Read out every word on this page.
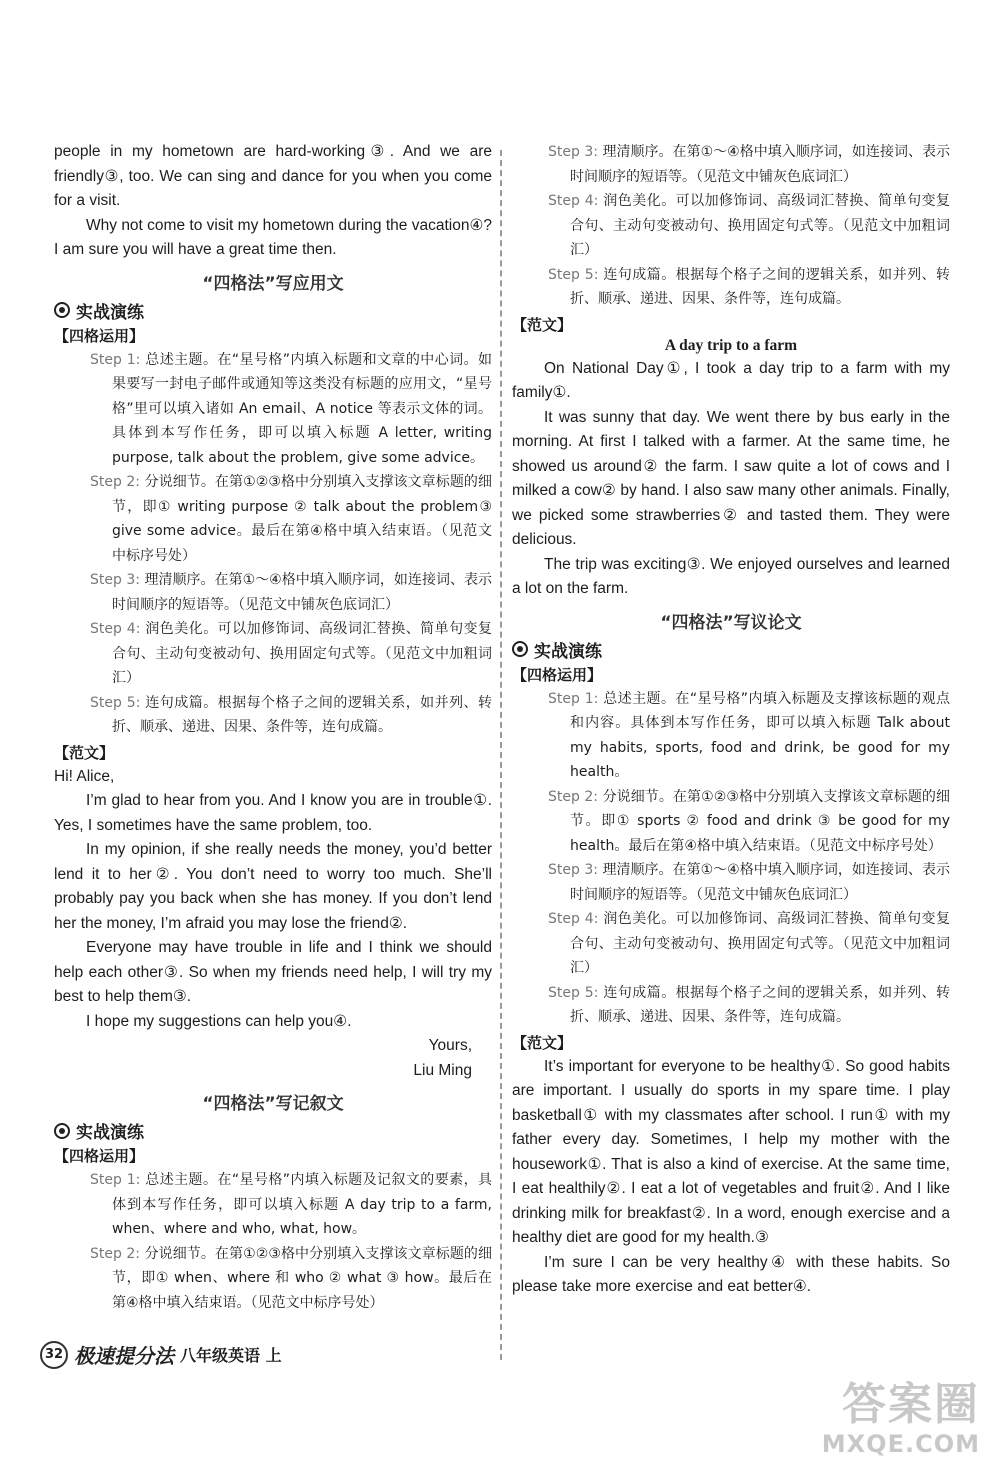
people in my hometown are hard-working③. And we are friendly③, too. We can sing and dance for you when you come for a visit.

Why not come to visit my hometown during the vacation④? I am sure you will have a great time then.

“四格法”写应用文
实战演练
【四格运用】

Step 1: 总述主题。在“星号格”内填入标题和文章的中心词。如果要写一封电子邮件或通知等这类没有标题的应用文，“星号格”里可以填入诸如 An email、A notice 等表示文体的词。具体到本写作任务，即可以填入标题 A letter, writing purpose, talk about the problem, give some advice。

Step 2: 分说细节。在第①②③格中分别填入支撑该文章标题的细节，即① writing purpose ② talk about the problem③ give some advice。最后在第④格中填入结束语。（见范文中标序号处）

Step 3: 理清顺序。在第①～④格中填入顺序词，如连接词、表示时间顺序的短语等。（见范文中铺灰色底词汇）

Step 4: 润色美化。可以加修饰词、高级词汇替换、简单句变复合句、主动句变被动句、换用固定句式等。（见范文中加粗词汇）

Step 5: 连句成篇。根据每个格子之间的逻辑关系，如并列、转折、顺承、递进、因果、条件等，连句成篇。

【范文】

Hi! Alice,

I’m glad to hear from you. And I know you are in trouble①. Yes, I sometimes have the same problem, too.

In my opinion, if she really needs the money, you’d better lend it to her②. You don’t need to worry too much. She’ll probably pay you back when she has money. If you don’t lend her the money, I’m afraid you may lose the friend②.

Everyone may have trouble in life and I think we should help each other③. So when my friends need help, I will try my best to help them③.

I hope my suggestions can help you④.

Yours,

Liu Ming

“四格法”写记叙文
实战演练
【四格运用】

Step 1: 总述主题。在“星号格”内填入标题及记叙文的要素，具体到本写作任务，即可以填入标题 A day trip to a farm, when、where and who, what, how。

Step 2: 分说细节。在第①②③格中分别填入支撑该文章标题的细节，即① when、where 和 who ② what ③ how。最后在第④格中填入结束语。（见范文中标序号处）

Step 3: 理清顺序。在第①～④格中填入顺序词，如连接词、表示时间顺序的短语等。（见范文中铺灰色底词汇）

Step 4: 润色美化。可以加修饰词、高级词汇替换、简单句变复合句、主动句变被动句、换用固定句式等。（见范文中加粗词汇）

Step 5: 连句成篇。根据每个格子之间的逻辑关系，如并列、转折、顺承、递进、因果、条件等，连句成篇。

【范文】
A day trip to a farm

On National Day①, I took a day trip to a farm with my family①.

It was sunny that day. We went there by bus early in the morning. At first I talked with a farmer. At the same time, he showed us around② the farm. I saw quite a lot of cows and I milked a cow② by hand. I also saw many other animals. Finally, we picked some strawberries② and tasted them. They were delicious.

The trip was exciting③. We enjoyed ourselves and learned a lot on the farm.

“四格法”写议论文
实战演练
【四格运用】

Step 1: 总述主题。在“星号格”内填入标题及支撑该标题的观点和内容。具体到本写作任务，即可以填入标题 Talk about my habits, sports, food and drink, be good for my health。

Step 2: 分说细节。在第①②③格中分别填入支撑该文章标题的细节。即① sports ② food and drink ③ be good for my health。最后在第④格中填入结束语。（见范文中标序号处）

Step 3: 理清顺序。在第①～④格中填入顺序词，如连接词、表示时间顺序的短语等。（见范文中铺灰色底词汇）

Step 4: 润色美化。可以加修饰词、高级词汇替换、简单句变复合句、主动句变被动句、换用固定句式等。（见范文中加粗词汇）

Step 5: 连句成篇。根据每个格子之间的逻辑关系，如并列、转折、顺承、递进、因果、条件等，连句成篇。

【范文】

It’s important for everyone to be healthy①. So good habits are important. I usually do sports in my spare time. I play basketball① with my classmates after school. I run① with my father every day. Sometimes, I help my mother with the housework①. That is also a kind of exercise. At the same time, I eat healthily②. I eat a lot of vegetables and fruit②. And I like drinking milk for breakfast②. In a word, enough exercise and a healthy diet are good for my health.③

I’m sure I can be very healthy④ with these habits. So please take more exercise and eat better④.

32 极速提分法 八年级英语 上
答案圈
MXQE.COM
